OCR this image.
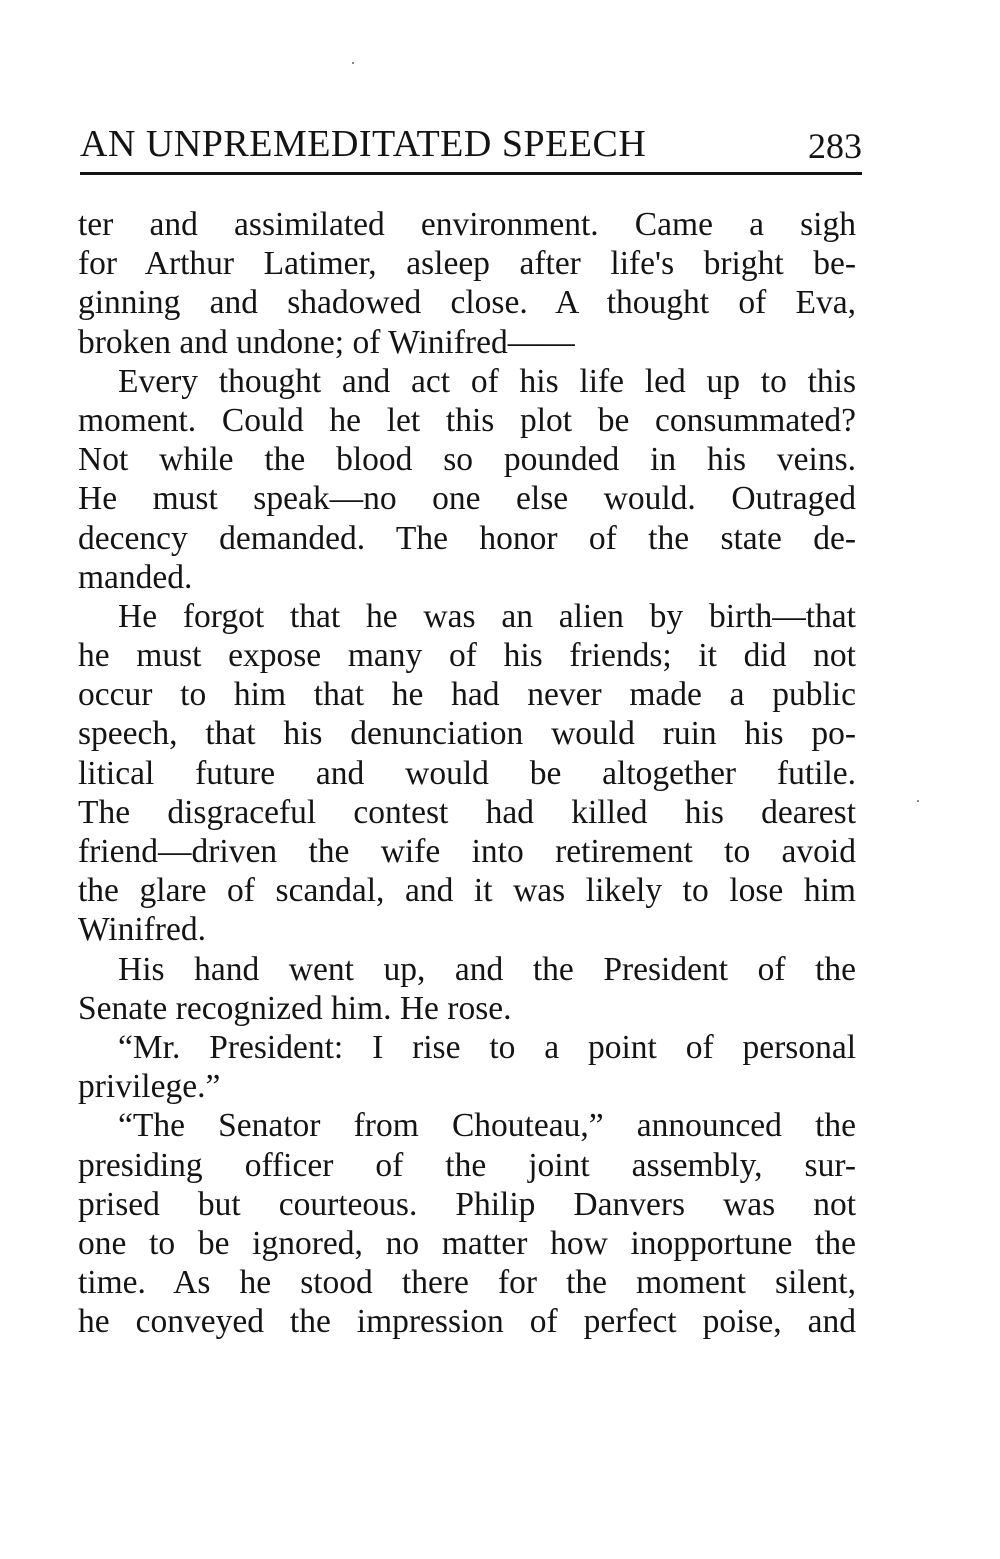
AN UNPREMEDITATED SPEECH	283
ter and assimilated environment. Came a sigh
for Arthur Latimer, asleep after life's bright be-
ginning and shadowed close. A thought of Eva,
broken and undone; of Winifred——
Every thought and act of his life led up to this
moment. Could he let this plot be consummated?
Not while the blood so pounded in his veins.
He must speak—no one else would. Outraged
decency demanded. The honor of the state de-
manded.
He forgot that he was an alien by birth—that
he must expose many of his friends; it did not
occur to him that he had never made a public
speech, that his denunciation would ruin his po-
litical future and would be altogether futile.
The disgraceful contest had killed his dearest
friend—driven the wife into retirement to avoid
the glare of scandal, and it was likely to lose him
Winifred.
His hand went up, and the President of the
Senate recognized him. He rose.
“Mr. President: I rise to a point of personal
privilege.”
“The Senator from Chouteau,” announced the
presiding officer of the joint assembly, sur-
prised but courteous. Philip Danvers was not
one to be ignored, no matter how inopportune the
time. As he stood there for the moment silent,
he conveyed the impression of perfect poise, and
